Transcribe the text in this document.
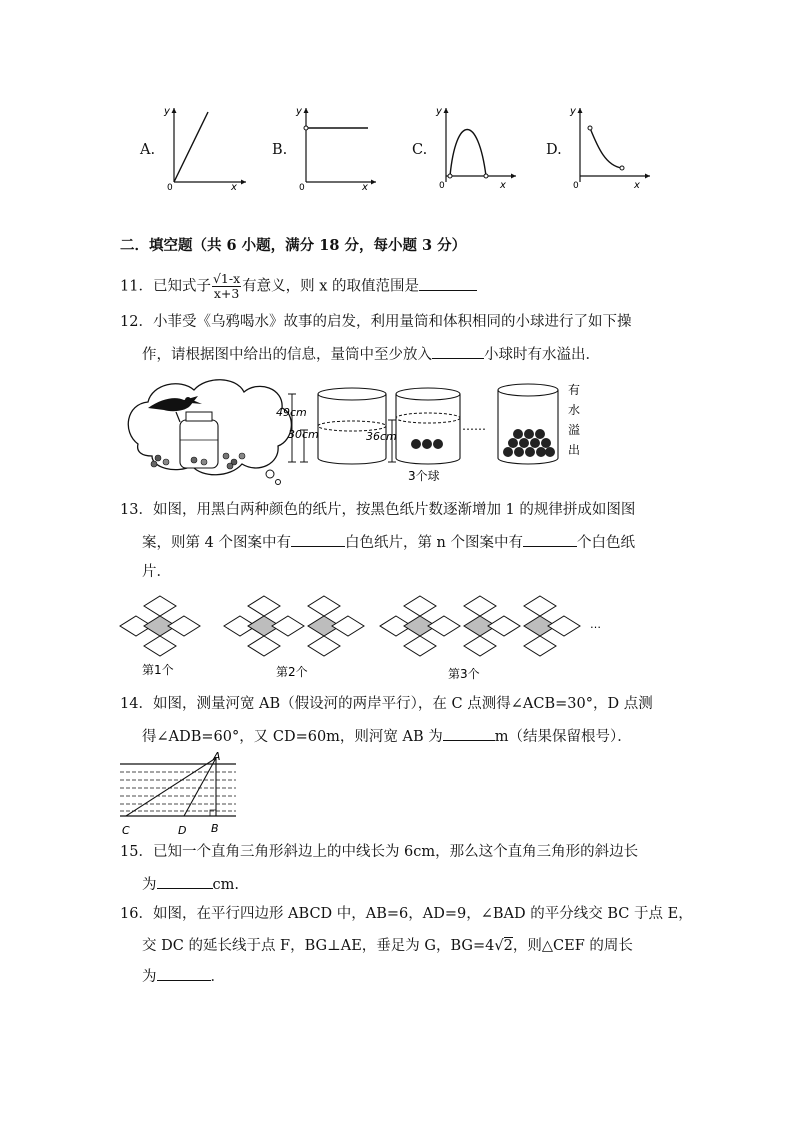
A.
y
x
0
B.
y
x
0
C.
y
x
0
D.
y
x
0
二．填空题（共 6 小题，满分 18 分，每小题 3 分）
11．已知式子 $\frac{√1-x}{x+3}$ 有意义，则 x 的取值范围是
12．小菲受《乌鸦喝水》故事的启发，利用量筒和体积相同的小球进行了如下操
作，请根据图中给出的信息，量筒中至少放入	小球时有水溢出．
49cm
30cm	36cm
3个球
……
有
水
溢
出
13．如图，用黑白两种颜色的纸片，按黑色纸片数逐渐增加 1 的规律拼成如图图
案，则第 4 个图案中有	白色纸片，第 n 个图案中有	个白色纸
片．
…
第1个	第2个	第3个
14．如图，测量河宽 AB（假设河的两岸平行），在 C 点测得∠ACB=30°，D 点测
得∠ADB=60°，又 CD=60m，则河宽 AB 为	m（结果保留根号）．
A
B
C	D
15．已知一个直角三角形斜边上的中线长为 6cm，那么这个直角三角形的斜边长
为	cm.
16．如图，在平行四边形 ABCD 中，AB=6，AD=9，∠BAD 的平分线交 BC 于点 E，
交 DC 的延长线于点 F，BG⊥AE，垂足为 G，BG=4√2，则△CEF 的周长
为	．
